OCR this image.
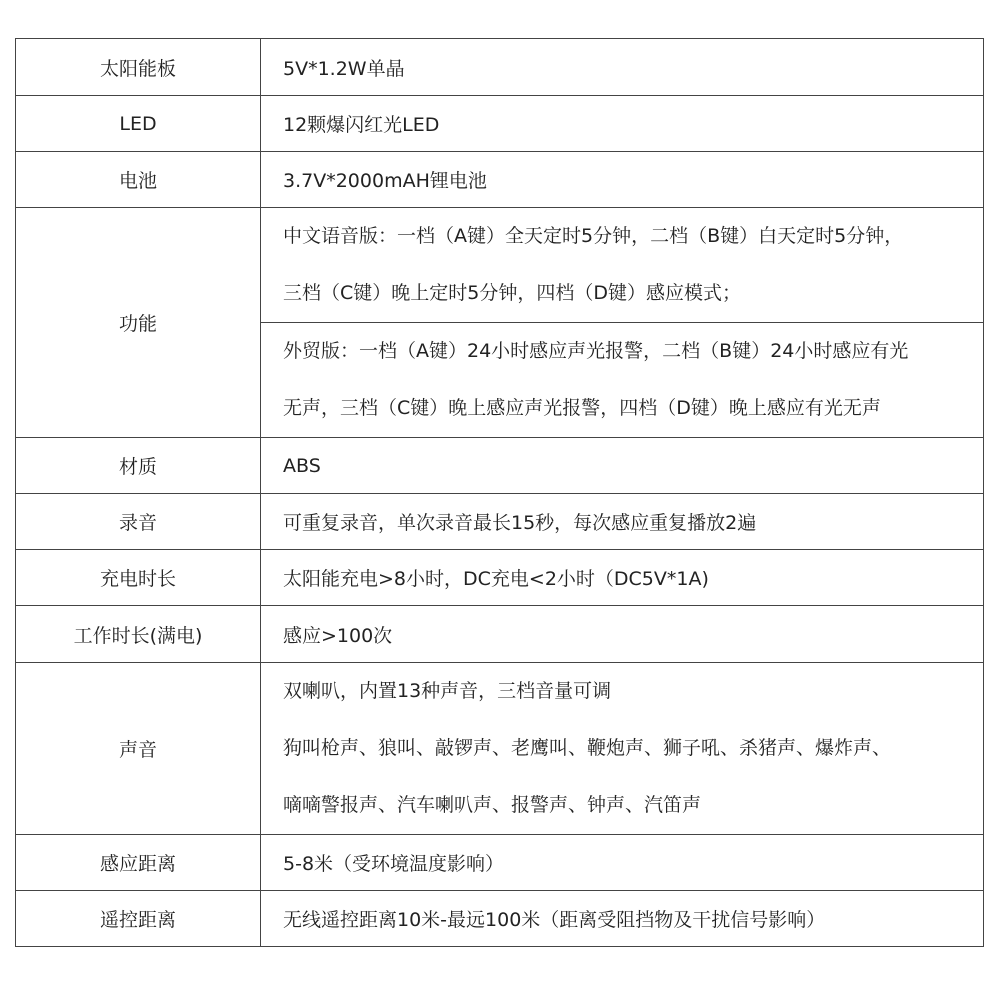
太阳能板	5V*1.2W单晶
LED	12颗爆闪红光LED
电池	3.7V*2000mAH锂电池
功能	中文语音版：一档（A键）全天定时5分钟，二档（B键）白天定时5分钟，
三档（C键）晚上定时5分钟，四档（D键）感应模式；

	外贸版：一档（A键）24小时感应声光报警，二档（B键）24小时感应有光
无声，三档（C键）晚上感应声光报警，四档（D键）晚上感应有光无声

材质	ABS
录音	可重复录音，单次录音最长15秒，每次感应重复播放2遍
充电时长	太阳能充电>8小时，DC充电<2小时（DC5V*1A)
工作时长(满电)	感应>100次
声音	双喇叭，内置13种声音，三档音量可调
狗叫枪声、狼叫、敲锣声、老鹰叫、鞭炮声、狮子吼、杀猪声、爆炸声、
嘀嘀警报声、汽车喇叭声、报警声、钟声、汽笛声

感应距离	5-8米（受环境温度影响）
遥控距离	无线遥控距离10米-最远100米（距离受阻挡物及干扰信号影响）
